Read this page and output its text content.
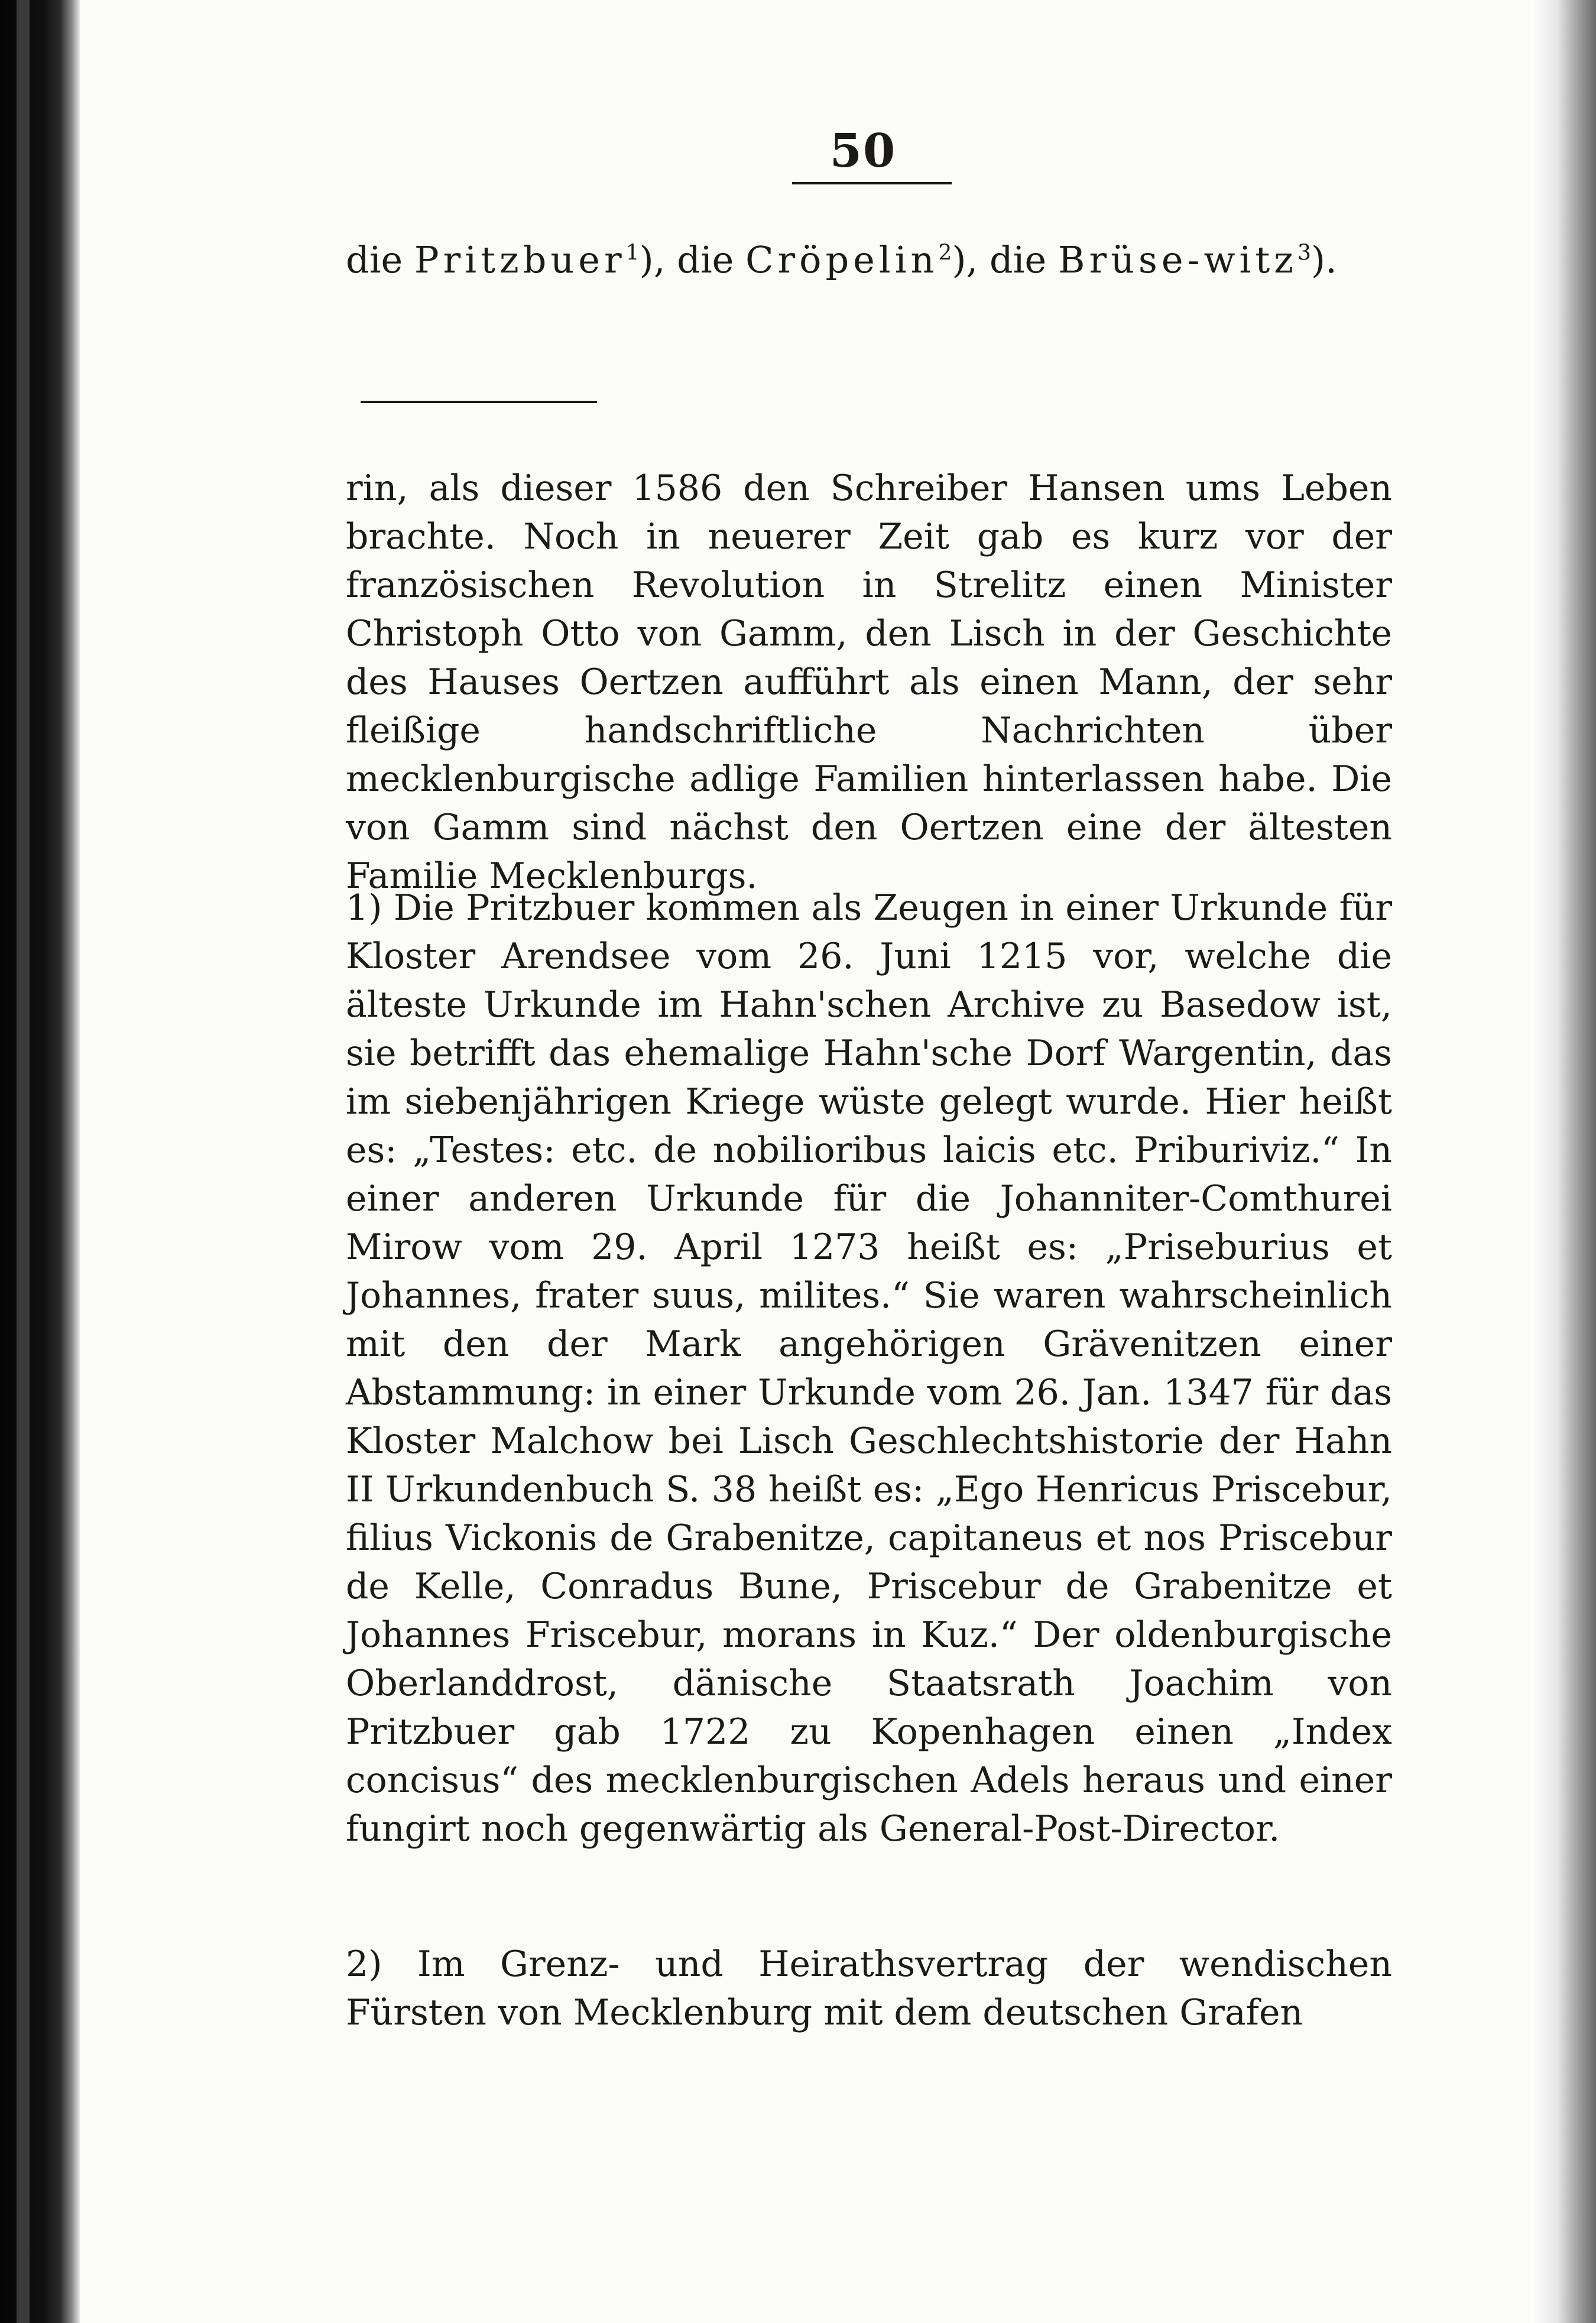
50

die Pritzbuer$^1$), die Cröpelin$^2$), die Brüse-witz$^3$).

rin, als dieser 1586 den Schreiber Hansen ums Leben brachte. Noch in neuerer Zeit gab es kurz vor der französischen Revolution in Strelitz einen Minister Christoph Otto von Gamm, den Lisch in der Geschichte des Hauses Oertzen aufführt als einen Mann, der sehr fleißige handschriftliche Nachrichten über mecklenburgische adlige Familien hinterlassen habe. Die von Gamm sind nächst den Oertzen eine der ältesten Familie Mecklenburgs.

1) Die Pritzbuer kommen als Zeugen in einer Urkunde für Kloster Arendsee vom 26. Juni 1215 vor, welche die älteste Urkunde im Hahn'schen Archive zu Basedow ist, sie betrifft das ehemalige Hahn'sche Dorf Wargentin, das im siebenjährigen Kriege wüste gelegt wurde. Hier heißt es: „Testes: etc. de nobilioribus laicis etc. Priburiviz.“ In einer anderen Urkunde für die Johanniter-Comthurei Mirow vom 29. April 1273 heißt es: „Priseburius et Johannes, frater suus, milites.“ Sie waren wahrscheinlich mit den der Mark angehörigen Grävenitzen einer Abstammung: in einer Urkunde vom 26. Jan. 1347 für das Kloster Malchow bei Lisch Geschlechtshistorie der Hahn II Urkundenbuch S. 38 heißt es: „Ego Henricus Priscebur, filius Vickonis de Grabenitze, capitaneus et nos Priscebur de Kelle, Conradus Bune, Priscebur de Grabenitze et Johannes Friscebur, morans in Kuz.“ Der oldenburgische Oberlanddrost, dänische Staatsrath Joachim von Pritzbuer gab 1722 zu Kopenhagen einen „Index concisus“ des mecklenburgischen Adels heraus und einer fungirt noch gegenwärtig als General-Post-Director.

2) Im Grenz- und Heirathsvertrag der wendischen Fürsten von Mecklenburg mit dem deutschen Grafen
